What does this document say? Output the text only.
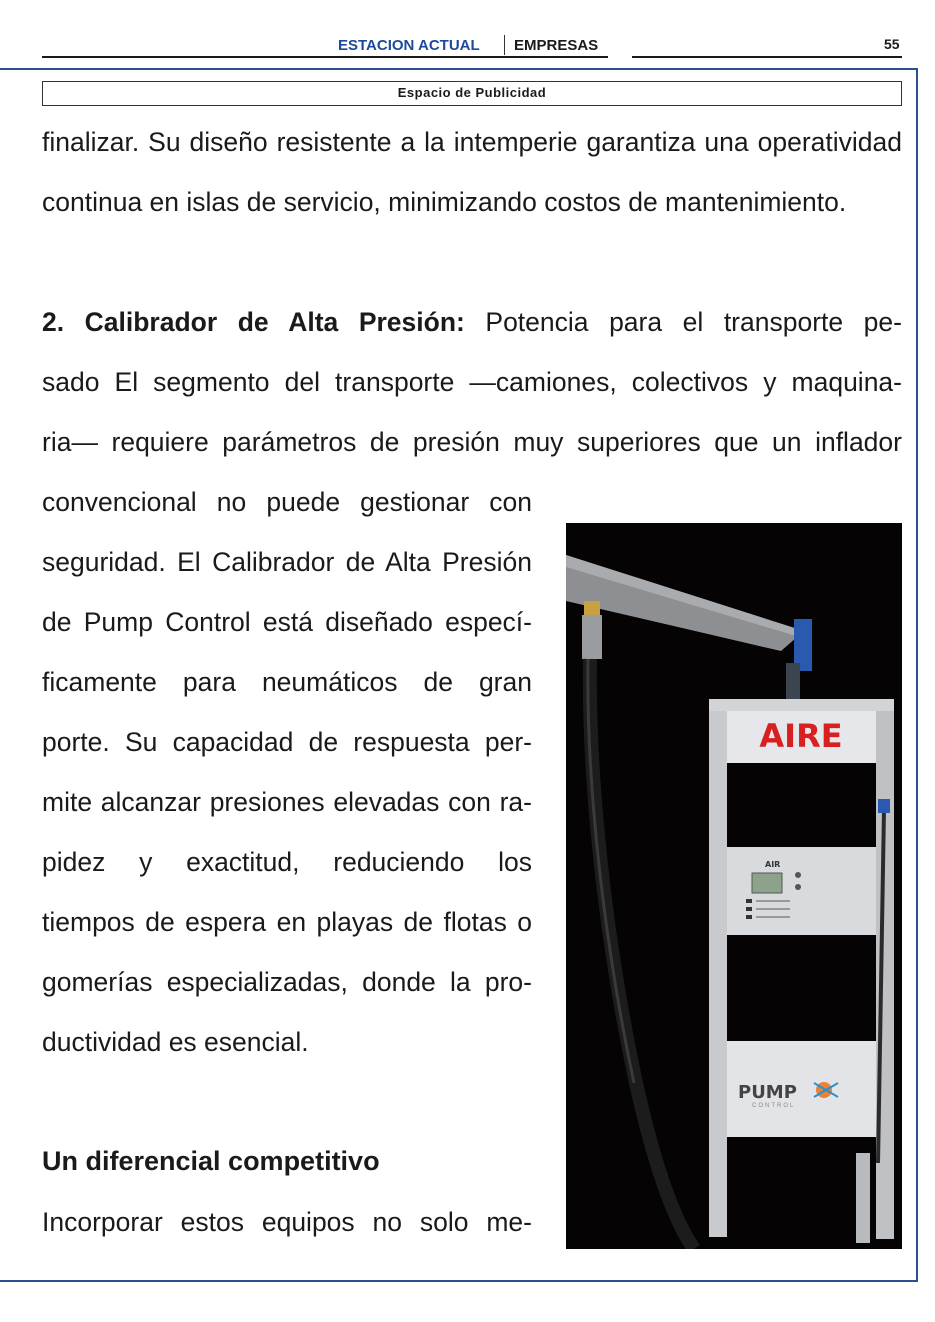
ESTACION ACTUAL EMPRESAS	55
Espacio de Publicidad
finalizar. Su diseño resistente a la intemperie garantiza una operatividad
continua en islas de servicio, minimizando costos de mantenimiento.
2. Calibrador de Alta Presión: Potencia para el transporte pe-
sado El segmento del transporte —camiones, colectivos y maquina-
ria— requiere parámetros de presión muy superiores que un inflador
convencional no puede gestionar con
seguridad. El Calibrador de Alta Presión
de Pump Control está diseñado especí-
ficamente para neumáticos de gran
porte. Su capacidad de respuesta per-
mite alcanzar presiones elevadas con ra-
pidez y exactitud, reduciendo los
tiempos de espera en playas de flotas o
gomerías especializadas, donde la pro-
ductividad es esencial.
Un diferencial competitivo
Incorporar estos equipos no solo me-
AIRE
AIR
PUMP
CONTROL
